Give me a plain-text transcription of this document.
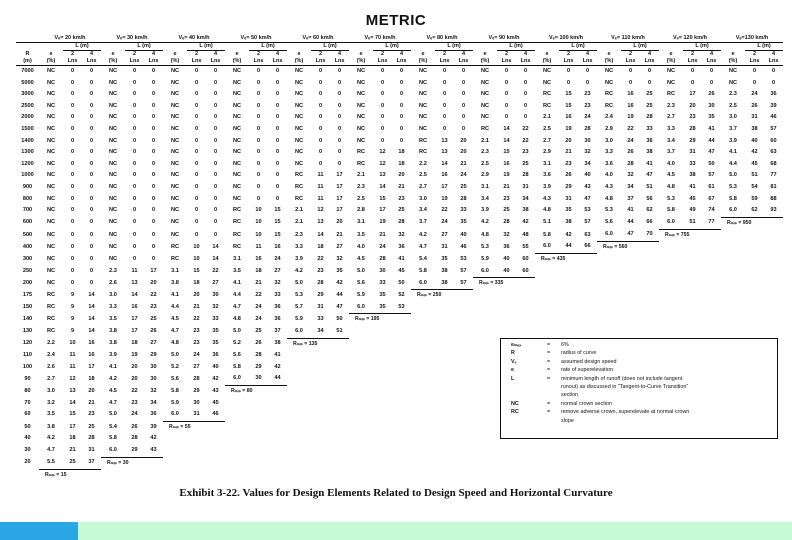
METRIC
	Vₑ= 20 km/h			Vₑ= 30 km/h			Vₑ= 40 km/h			Vₑ= 50 km/h			Vₑ= 60 km/h			Vₑ= 70 km/h			Vₑ= 80 km/h			Vₑ= 90 km/h			Vₑ= 100 km/h			Vₑ= 110 km/h			Vₑ= 120 km/h			Vₑ=130 km/h		
		L (m)			L (m)			L (m)			L (m)			L (m)			L (m)			L (m)			L (m)			L (m)			L (m)			L (m)			L (m)	
R	e	2	4	e	2	4	e	2	4	e	2	4	e	2	4	e	2	4	e	2	4	e	2	4	e	2	4	e	2	4	e	2	4	e	2	4
(m)	(%)	Lns	Lns	(%)	Lns	Lns	(%)	Lns	Lns	(%)	Lns	Lns	(%)	Lns	Lns	(%)	Lns	Lns	(%)	Lns	Lns	(%)	Lns	Lns	(%)	Lns	Lns	(%)	Lns	Lns	(%)	Lns	Lns	(%)	Lns	Lns
7000	NC	0	0	NC	0	0	NC	0	0	NC	0	0	NC	0	0	NC	0	0	NC	0	0	NC	0	0	NC	0	0	NC	0	0	NC	0	0	NC	0	0
5000	NC	0	0	NC	0	0	NC	0	0	NC	0	0	NC	0	0	NC	0	0	NC	0	0	NC	0	0	NC	0	0	NC	0	0	NC	0	0	NC	0	0
3000	NC	0	0	NC	0	0	NC	0	0	NC	0	0	NC	0	0	NC	0	0	NC	0	0	NC	0	0	RC	15	23	RC	16	25	RC	17	26	2.3	24	36
2500	NC	0	0	NC	0	0	NC	0	0	NC	0	0	NC	0	0	NC	0	0	NC	0	0	NC	0	0	RC	15	23	RC	16	25	2.3	20	30	2.5	26	39
2000	NC	0	0	NC	0	0	NC	0	0	NC	0	0	NC	0	0	NC	0	0	NC	0	0	NC	0	0	2.1	16	24	2.4	19	28	2.7	23	35	3.0	31	46
1500	NC	0	0	NC	0	0	NC	0	0	NC	0	0	NC	0	0	NC	0	0	NC	0	0	RC	14	22	2.5	19	28	2.9	22	33	3.3	28	41	3.7	38	57
1400	NC	0	0	NC	0	0	NC	0	0	NC	0	0	NC	0	0	NC	0	0	RC	13	20	2.1	14	22	2.7	20	30	3.0	24	36	3.4	29	44	3.9	40	60
1300	NC	0	0	NC	0	0	NC	0	0	NC	0	0	NC	0	0	RC	12	18	RC	13	20	2.3	15	23	2.9	21	32	3.3	26	38	3.7	31	47	4.1	42	63
1200	NC	0	0	NC	0	0	NC	0	0	NC	0	0	NC	0	0	RC	12	18	2.2	14	21	2.5	16	25	3.1	23	34	3.6	28	41	4.0	33	50	4.4	45	68
1000	NC	0	0	NC	0	0	NC	0	0	NC	0	0	RC	11	17	2.1	13	20	2.5	16	24	2.9	19	28	3.6	26	40	4.0	32	47	4.5	38	57	5.0	51	77
900	NC	0	0	NC	0	0	NC	0	0	NC	0	0	RC	11	17	2.3	14	21	2.7	17	25	3.1	21	31	3.9	29	43	4.3	34	51	4.8	41	61	5.3	54	81
800	NC	0	0	NC	0	0	NC	0	0	NC	0	0	RC	11	17	2.5	15	23	3.0	19	28	3.4	23	34	4.3	31	47	4.8	37	56	5.3	45	67	5.8	59	88
700	NC	0	0	NC	0	0	NC	0	0	RC	10	15	2.1	12	17	2.8	17	25	3.4	22	33	3.9	25	38	4.8	35	53	5.3	41	62	5.8	49	74	6.0	62	93
600	NC	0	0	NC	0	0	NC	0	0	RC	10	15	2.1	13	20	3.1	19	28	3.7	24	35	4.2	28	42	5.1	38	57	5.6	44	66	6.0	51	77	Rₘᵢₙ = 950		
500	NC	0	0	NC	0	0	NC	0	0	RC	10	15	2.3	14	21	3.5	21	32	4.2	27	40	4.8	32	48	5.8	42	63	6.0	47	70	Rₘᵢₙ = 755					
400	NC	0	0	NC	0	0	RC	10	14	RC	11	16	3.3	18	27	4.0	24	36	4.7	31	46	5.3	36	55	6.0	44	66	Rₘᵢₙ = 560								
300	NC	0	0	NC	0	0	RC	10	14	3.1	16	24	3.9	22	32	4.5	28	41	5.4	35	53	5.9	40	60	Rₘᵢₙ = 435											
250	NC	0	0	2.3	11	17	3.1	15	22	3.5	18	27	4.2	23	35	5.0	30	45	5.8	38	57	6.0	40	60												
200	NC	0	0	2.6	13	20	3.8	18	27	4.1	21	32	5.0	28	42	5.6	33	50	6.0	38	57	Rₘᵢₙ = 335														
175	RC	9	14	3.0	14	22	4.1	20	30	4.4	22	33	5.3	29	44	5.9	35	52	Rₘᵢₙ = 250																	
150	RC	9	14	3.3	16	23	4.4	21	32	4.7	24	36	5.7	31	47	6.0	35	53																		
140	RC	9	14	3.5	17	25	4.5	22	33	4.8	24	36	5.9	33	50	Rₘᵢₙ = 195																				
130	RC	9	14	3.8	17	26	4.7	23	35	5.0	25	37	6.0	34	51																					
120	2.2	10	16	3.8	18	27	4.8	23	35	5.2	26	38	Rₘᵢₙ = 135																							
110	2.4	11	16	3.9	19	29	5.0	24	36	5.6	28	41																								
100	2.6	11	17	4.1	20	30	5.2	27	40	5.8	29	42																								
90	2.7	12	18	4.2	20	30	5.6	28	42	6.0	30	44																								
80	3.0	13	20	4.5	22	32	5.8	29	43	Rₘᵢₙ = 80																										
70	3.2	14	21	4.7	23	34	5.9	30	45																											
60	3.5	15	23	5.0	24	36	6.0	31	46																											
50	3.8	17	25	5.4	26	39	Rₘᵢₙ = 55																													
40	4.2	18	28	5.8	28	42																														
30	4.7	21	31	6.0	29	43																														
20	5.5	25	37	Rₘᵢₙ = 30																																
	Rₘᵢₙ = 15																																			
eₘₐₓ	= 6%
R	= radius of curve
Vₑ	= assumed design speed
e	= rate of superelevation
L	= minimum length of runoff (does not include tangent
runout) as discussed in "Tangent-to-Curve Transition"
section
NC	= normal crown section
RC	= remove adverse crown, superelevate at normal crown
slope
Exhibit 3-22. Values for Design Elements Related to Design Speed and Horizontal Curvature
